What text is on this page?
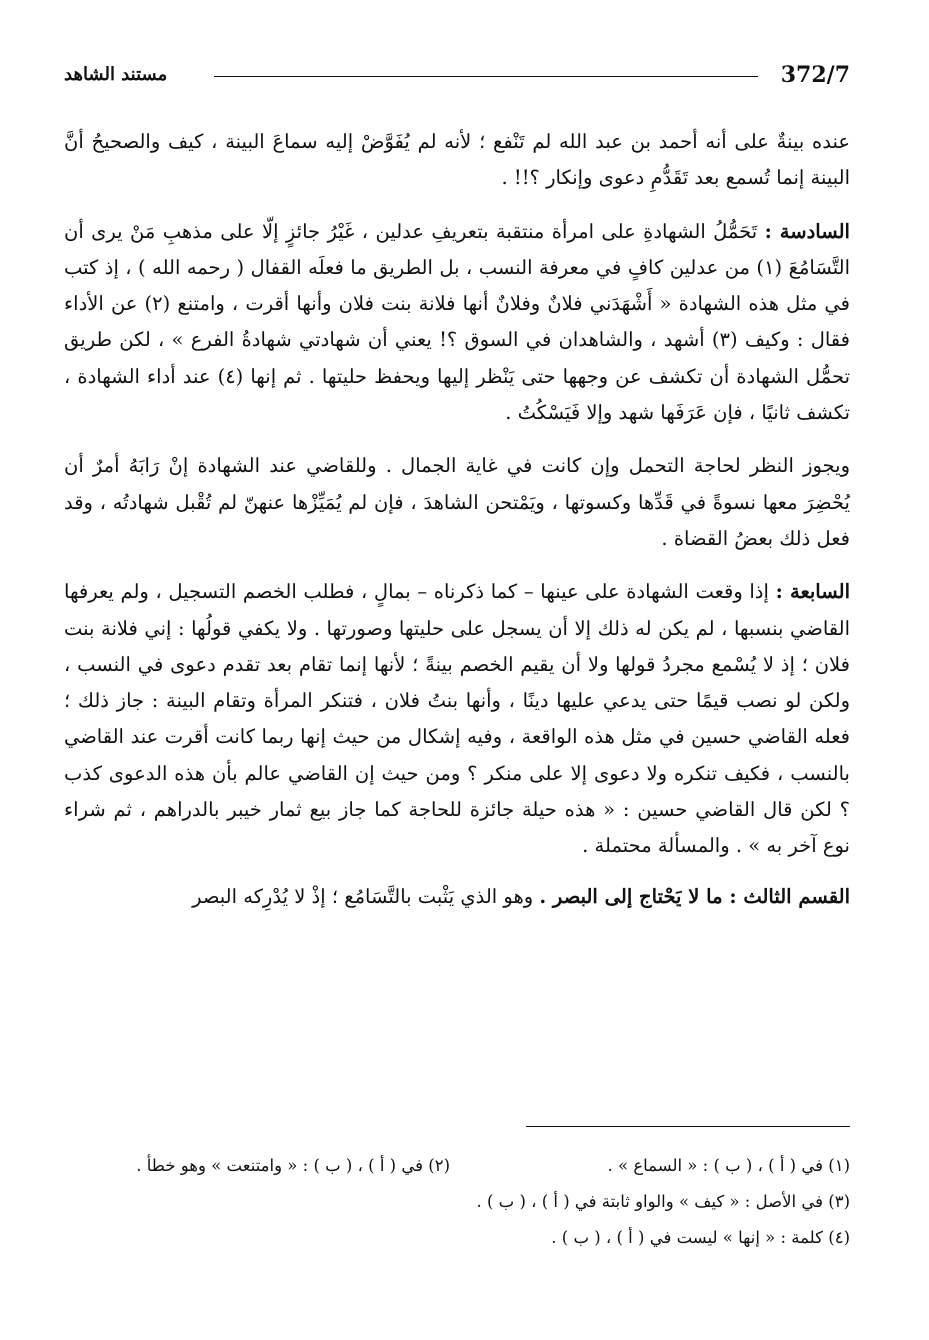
372/7
مستند الشاهد

عنده بينةٌ على أنه أحمد بن عبد الله لم تَنْفع ؛ لأنه لم يُفَوَّضْ إليه سماعَ البينة ، كيف والصحيحُ أنَّ البينة إنما تُسمع بعد تَقَدُّمِ دعوى وإنكار ؟!! .

السادسة : تَحَمُّلُ الشهادةِ على امرأة منتقبة بتعريفِ عدلين ، غَيْرُ جائزٍ إلّا على مذهبِ مَنْ يرى أن التَّسَامُعَ (١) من عدلين كافٍ في معرفة النسب ، بل الطريق ما فعلَه القفال ( رحمه الله ) ، إذ كتب في مثل هذه الشهادة « أَشْهَدَني فلانٌ وفلانٌ أنها فلانة بنت فلان وأنها أقرت ، وامتنع (٢) عن الأداء فقال : وكيف (٣) أشهد ، والشاهدان في السوق ؟! يعني أن شهادتي شهادةُ الفرع » ، لكن طريق تحمُّل الشهادة أن تكشف عن وجهها حتى يَنْظر إليها ويحفظ حليتها . ثم إنها (٤) عند أداء الشهادة ، تكشف ثانيًا ، فإن عَرَفَها شهد وإلا فَيَسْكُتُ .

ويجوز النظر لحاجة التحمل وإن كانت في غاية الجمال . وللقاضي عند الشهادة إنْ رَابَهُ أمرٌ أن يُحْضِرَ معها نسوةً في قَدِّها وكسوتها ، ويَمْتحن الشاهدَ ، فإن لم يُمَيِّزْها عنهنّ لم تُقْبل شهادتُه ، وقد فعل ذلك بعضُ القضاة .

السابعة : إذا وقعت الشهادة على عينها – كما ذكرناه – بمالٍ ، فطلب الخصم التسجيل ، ولم يعرفها القاضي بنسبها ، لم يكن له ذلك إلا أن يسجل على حليتها وصورتها . ولا يكفي قولُها : إني فلانة بنت فلان ؛ إذ لا يُسْمع مجردُ قولها ولا أن يقيم الخصم بينةً ؛ لأنها إنما تقام بعد تقدم دعوى في النسب ، ولكن لو نصب قيمًا حتى يدعي عليها دينًا ، وأنها بنتُ فلان ، فتنكر المرأة وتقام البينة : جاز ذلك ؛ فعله القاضي حسين في مثل هذه الواقعة ، وفيه إشكال من حيث إنها ربما كانت أقرت عند القاضي بالنسب ، فكيف تنكره ولا دعوى إلا على منكر ؟ ومن حيث إن القاضي عالم بأن هذه الدعوى كذب ؟ لكن قال القاضي حسين : « هذه حيلة جائزة للحاجة كما جاز بيع ثمار خيبر بالدراهم ، ثم شراء نوع آخر به » . والمسألة محتملة .

القسم الثالث : ما لا يَحْتاج إلى البصر . وهو الذي يَثْبت بالتَّسَامُع ؛ إذْ لا يُدْرِكه البصر

(١) في ( أ ) ، ( ب ) : « السماع » .
(٢) في ( أ ) ، ( ب ) : « وامتنعت » وهو خطأ .
(٣) في الأصل : « كيف » والواو ثابتة في ( أ ) ، ( ب ) .
(٤) كلمة : « إنها » ليست في ( أ ) ، ( ب ) .
